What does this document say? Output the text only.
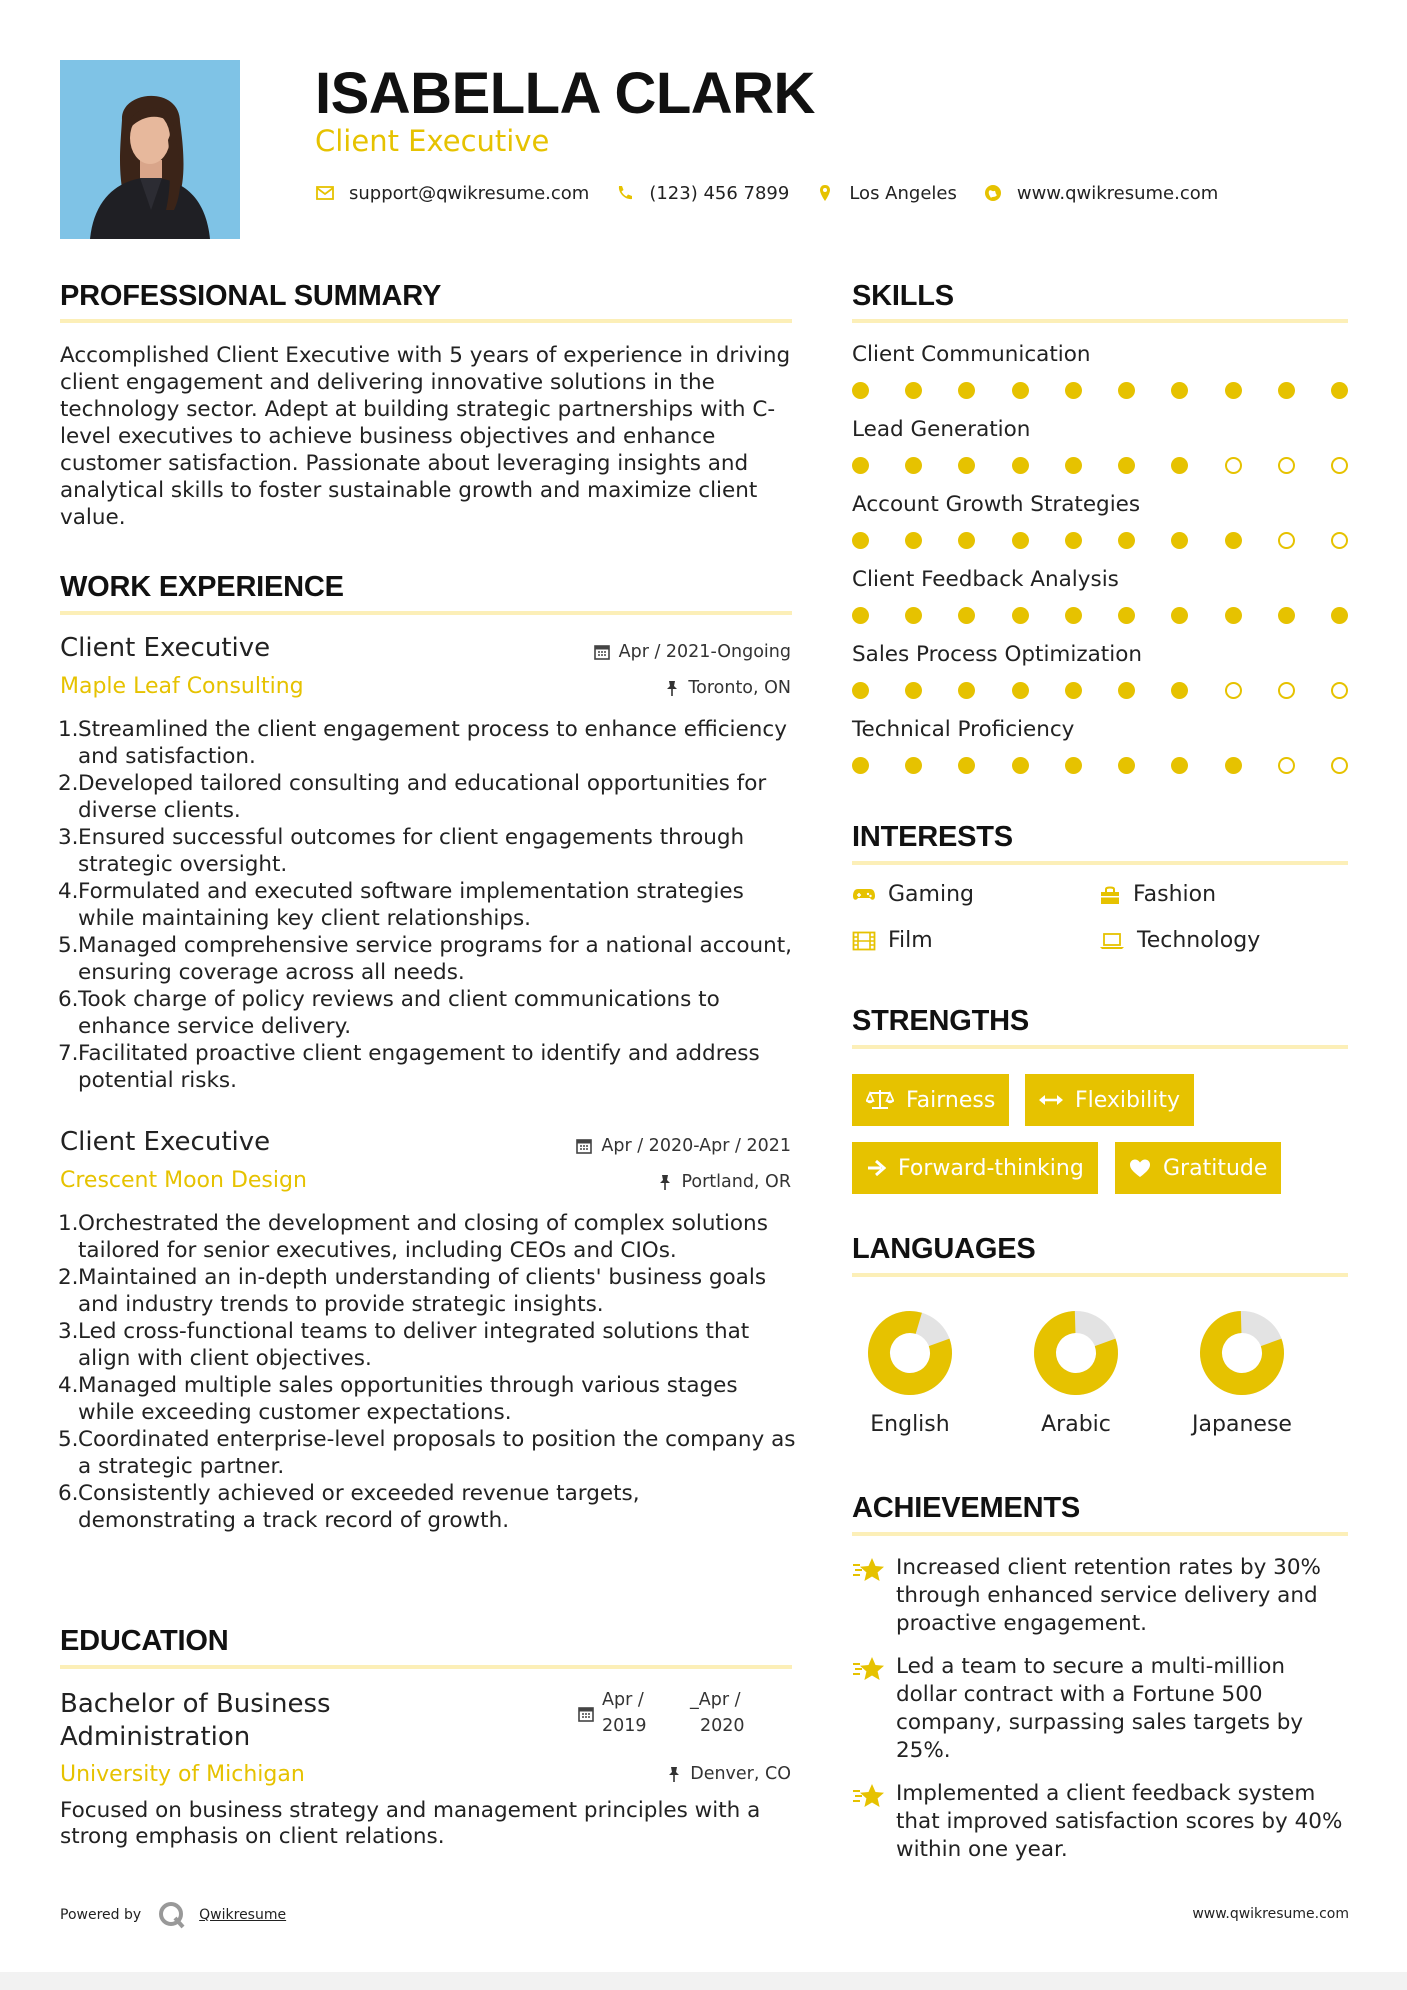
ISABELLA CLARK
Client Executive
support@qwikresume.com	(123) 456 7899	Los Angeles	www.qwikresume.com
PROFESSIONAL SUMMARY
Accomplished Client Executive with 5 years of experience in driving client engagement and delivering innovative solutions in the technology sector. Adept at building strategic partnerships with C-level executives to achieve business objectives and enhance customer satisfaction. Passionate about leveraging insights and analytical skills to foster sustainable growth and maximize client value.
WORK EXPERIENCE
Client Executive
Maple Leaf Consulting
Apr / 2021-Ongoing
Toronto, ON
1. Streamlined the client engagement process to enhance efficiency and satisfaction.
2. Developed tailored consulting and educational opportunities for diverse clients.
3. Ensured successful outcomes for client engagements through strategic oversight.
4. Formulated and executed software implementation strategies while maintaining key client relationships.
5. Managed comprehensive service programs for a national account, ensuring coverage across all needs.
6. Took charge of policy reviews and client communications to enhance service delivery.
7. Facilitated proactive client engagement to identify and address potential risks.
Client Executive
Crescent Moon Design
Apr / 2020-Apr / 2021
Portland, OR
1. Orchestrated the development and closing of complex solutions tailored for senior executives, including CEOs and CIOs.
2. Maintained an in-depth understanding of clients' business goals and industry trends to provide strategic insights.
3. Led cross-functional teams to deliver integrated solutions that align with client objectives.
4. Managed multiple sales opportunities through various stages while exceeding customer expectations.
5. Coordinated enterprise-level proposals to position the company as a strategic partner.
6. Consistently achieved or exceeded revenue targets, demonstrating a track record of growth.
EDUCATION
Bachelor of Business Administration
Apr /
2019
_Apr /
2020
University of Michigan	Denver, CO
Focused on business strategy and management principles with a strong emphasis on client relations.
SKILLS
Client Communication
Lead Generation
Account Growth Strategies
Client Feedback Analysis
Sales Process Optimization
Technical Proficiency
INTERESTS
Gaming	Fashion
Film	Technology
STRENGTHS
Fairness	Flexibility
Forward-thinking	Gratitude
LANGUAGES
English	Arabic	Japanese
ACHIEVEMENTS
Increased client retention rates by 30% through enhanced service delivery and proactive engagement.
Led a team to secure a multi-million dollar contract with a Fortune 500 company, surpassing sales targets by 25%.
Implemented a client feedback system that improved satisfaction scores by 40% within one year.
Powered by	Qwikresume	www.qwikresume.com
